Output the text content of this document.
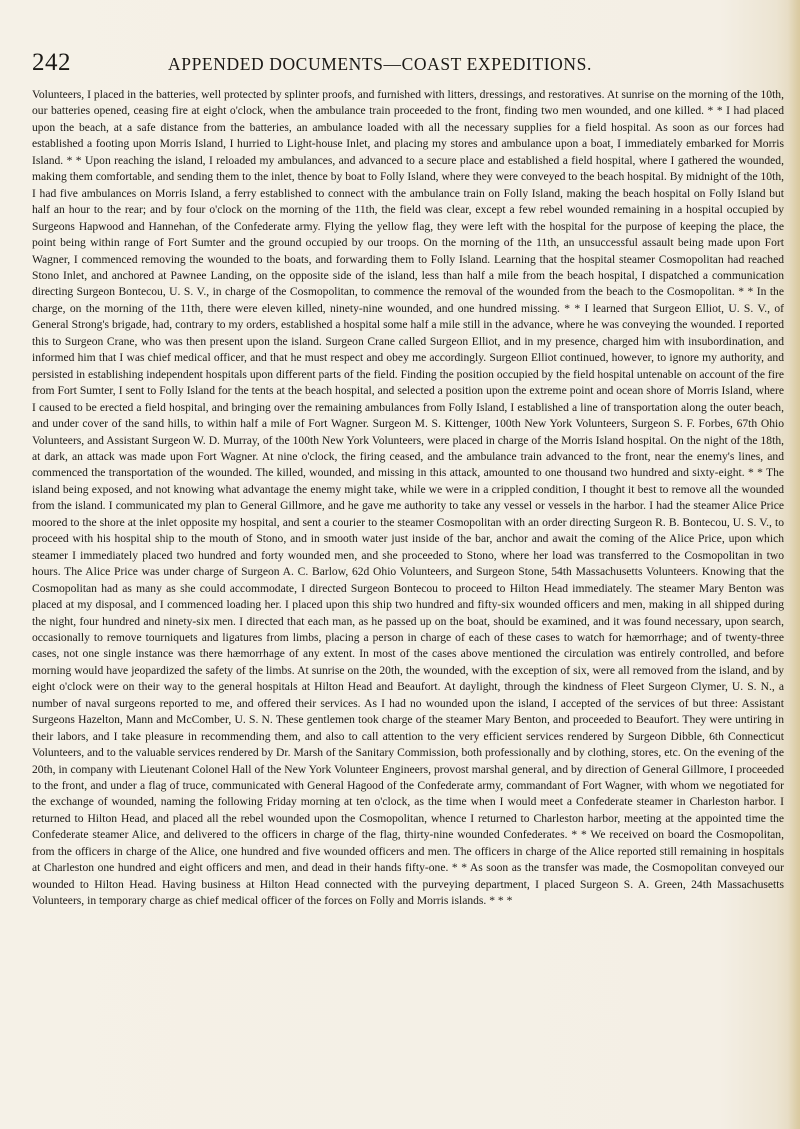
242	APPENDED DOCUMENTS—COAST EXPEDITIONS.

Volunteers, I placed in the batteries, well protected by splinter proofs, and furnished with litters, dressings, and restoratives. At sunrise on the morning of the 10th, our batteries opened, ceasing fire at eight o'clock, when the ambulance train proceeded to the front, finding two men wounded, and one killed. * * I had placed upon the beach, at a safe distance from the batteries, an ambulance loaded with all the necessary supplies for a field hospital. As soon as our forces had established a footing upon Morris Island, I hurried to Light-house Inlet, and placing my stores and ambulance upon a boat, I immediately embarked for Morris Island. * * Upon reaching the island, I reloaded my ambulances, and advanced to a secure place and established a field hospital, where I gathered the wounded, making them comfortable, and sending them to the inlet, thence by boat to Folly Island, where they were conveyed to the beach hospital. By midnight of the 10th, I had five ambulances on Morris Island, a ferry established to connect with the ambulance train on Folly Island, making the beach hospital on Folly Island but half an hour to the rear; and by four o'clock on the morning of the 11th, the field was clear, except a few rebel wounded remaining in a hospital occupied by Surgeons Hapwood and Hannehan, of the Confederate army. Flying the yellow flag, they were left with the hospital for the purpose of keeping the place, the point being within range of Fort Sumter and the ground occupied by our troops. On the morning of the 11th, an unsuccessful assault being made upon Fort Wagner, I commenced removing the wounded to the boats, and forwarding them to Folly Island. Learning that the hospital steamer Cosmopolitan had reached Stono Inlet, and anchored at Pawnee Landing, on the opposite side of the island, less than half a mile from the beach hospital, I dispatched a communication directing Surgeon Bontecou, U. S. V., in charge of the Cosmopolitan, to commence the removal of the wounded from the beach to the Cosmopolitan. * * In the charge, on the morning of the 11th, there were eleven killed, ninety-nine wounded, and one hundred missing. * * I learned that Surgeon Elliot, U. S. V., of General Strong's brigade, had, contrary to my orders, established a hospital some half a mile still in the advance, where he was conveying the wounded. I reported this to Surgeon Crane, who was then present upon the island. Surgeon Crane called Surgeon Elliot, and in my presence, charged him with insubordination, and informed him that I was chief medical officer, and that he must respect and obey me accordingly. Surgeon Elliot continued, however, to ignore my authority, and persisted in establishing independent hospitals upon different parts of the field. Finding the position occupied by the field hospital untenable on account of the fire from Fort Sumter, I sent to Folly Island for the tents at the beach hospital, and selected a position upon the extreme point and ocean shore of Morris Island, where I caused to be erected a field hospital, and bringing over the remaining ambulances from Folly Island, I established a line of transportation along the outer beach, and under cover of the sand hills, to within half a mile of Fort Wagner. Surgeon M. S. Kittenger, 100th New York Volunteers, Surgeon S. F. Forbes, 67th Ohio Volunteers, and Assistant Surgeon W. D. Murray, of the 100th New York Volunteers, were placed in charge of the Morris Island hospital. On the night of the 18th, at dark, an attack was made upon Fort Wagner. At nine o'clock, the firing ceased, and the ambulance train advanced to the front, near the enemy's lines, and commenced the transportation of the wounded. The killed, wounded, and missing in this attack, amounted to one thousand two hundred and sixty-eight. * * The island being exposed, and not knowing what advantage the enemy might take, while we were in a crippled condition, I thought it best to remove all the wounded from the island. I communicated my plan to General Gillmore, and he gave me authority to take any vessel or vessels in the harbor. I had the steamer Alice Price moored to the shore at the inlet opposite my hospital, and sent a courier to the steamer Cosmopolitan with an order directing Surgeon R. B. Bontecou, U. S. V., to proceed with his hospital ship to the mouth of Stono, and in smooth water just inside of the bar, anchor and await the coming of the Alice Price, upon which steamer I immediately placed two hundred and forty wounded men, and she proceeded to Stono, where her load was transferred to the Cosmopolitan in two hours. The Alice Price was under charge of Surgeon A. C. Barlow, 62d Ohio Volunteers, and Surgeon Stone, 54th Massachusetts Volunteers. Knowing that the Cosmopolitan had as many as she could accommodate, I directed Surgeon Bontecou to proceed to Hilton Head immediately. The steamer Mary Benton was placed at my disposal, and I commenced loading her. I placed upon this ship two hundred and fifty-six wounded officers and men, making in all shipped during the night, four hundred and ninety-six men. I directed that each man, as he passed up on the boat, should be examined, and it was found necessary, upon search, occasionally to remove tourniquets and ligatures from limbs, placing a person in charge of each of these cases to watch for hæmorrhage; and of twenty-three cases, not one single instance was there hæmorrhage of any extent. In most of the cases above mentioned the circulation was entirely controlled, and before morning would have jeopardized the safety of the limbs. At sunrise on the 20th, the wounded, with the exception of six, were all removed from the island, and by eight o'clock were on their way to the general hospitals at Hilton Head and Beaufort. At daylight, through the kindness of Fleet Surgeon Clymer, U. S. N., a number of naval surgeons reported to me, and offered their services. As I had no wounded upon the island, I accepted of the services of but three: Assistant Surgeons Hazelton, Mann and McComber, U. S. N. These gentlemen took charge of the steamer Mary Benton, and proceeded to Beaufort. They were untiring in their labors, and I take pleasure in recommending them, and also to call attention to the very efficient services rendered by Surgeon Dibble, 6th Connecticut Volunteers, and to the valuable services rendered by Dr. Marsh of the Sanitary Commission, both professionally and by clothing, stores, etc. On the evening of the 20th, in company with Lieutenant Colonel Hall of the New York Volunteer Engineers, provost marshal general, and by direction of General Gillmore, I proceeded to the front, and under a flag of truce, communicated with General Hagood of the Confederate army, commandant of Fort Wagner, with whom we negotiated for the exchange of wounded, naming the following Friday morning at ten o'clock, as the time when I would meet a Confederate steamer in Charleston harbor. I returned to Hilton Head, and placed all the rebel wounded upon the Cosmopolitan, whence I returned to Charleston harbor, meeting at the appointed time the Confederate steamer Alice, and delivered to the officers in charge of the flag, thirty-nine wounded Confederates. * * We received on board the Cosmopolitan, from the officers in charge of the Alice, one hundred and five wounded officers and men. The officers in charge of the Alice reported still remaining in hospitals at Charleston one hundred and eight officers and men, and dead in their hands fifty-one. * * As soon as the transfer was made, the Cosmopolitan conveyed our wounded to Hilton Head. Having business at Hilton Head connected with the purveying department, I placed Surgeon S. A. Green, 24th Massachusetts Volunteers, in temporary charge as chief medical officer of the forces on Folly and Morris islands. * * *
